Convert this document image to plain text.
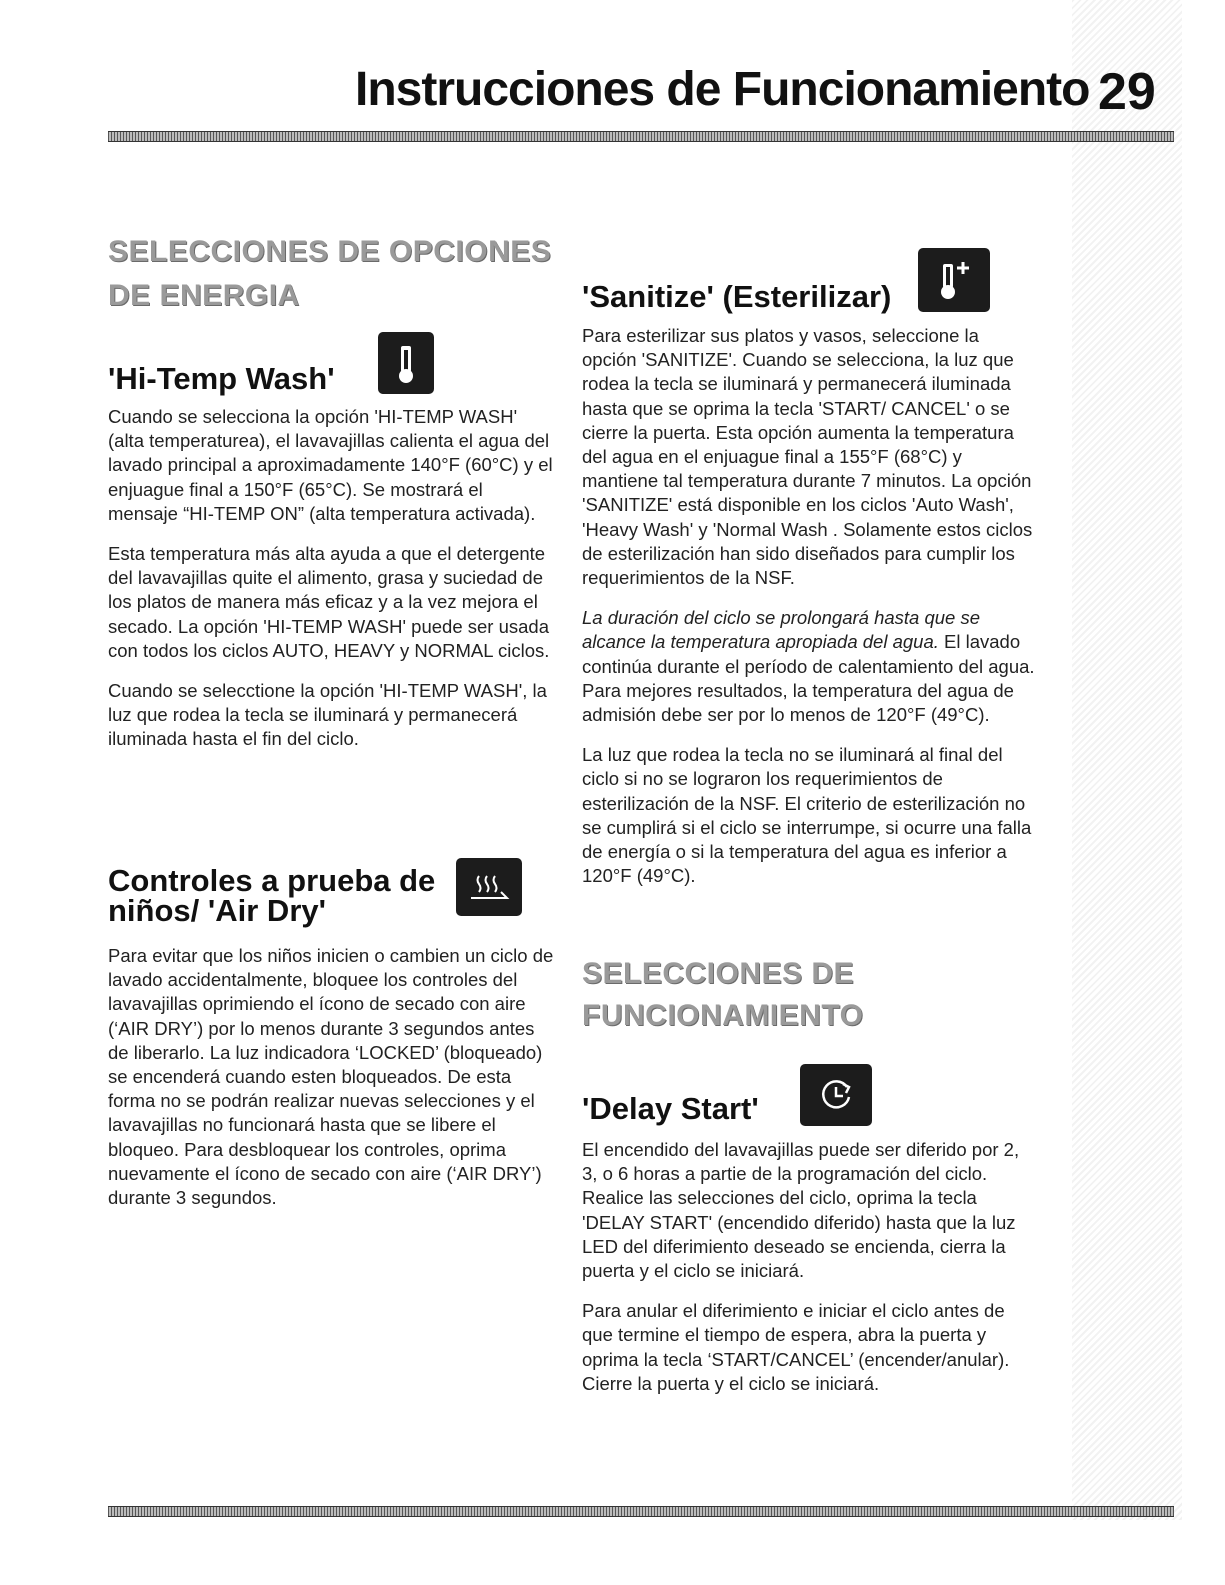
Instrucciones de Funcionamiento 29
SELECCIONES DE OPCIONES
DE ENERGIA
'Hi-Temp Wash'

Cuando se selecciona la opción 'HI-TEMP WASH' (alta temperaturea), el lavavajillas calienta el agua del lavado principal a aproximadamente 140°F (60°C) y el enjuague final a 150°F (65°C). Se mostrará el mensaje “HI-TEMP ON” (alta temperatura activada).

Esta temperatura más alta ayuda a que el detergente del lavavajillas quite el alimento, grasa y suciedad de los platos de manera más eficaz y a la vez mejora el secado. La opción 'HI-TEMP WASH' puede ser usada con todos los ciclos AUTO, HEAVY y NORMAL ciclos.

Cuando se selecctione la opción 'HI-TEMP WASH', la luz que rodea la tecla se iluminará y permanecerá iluminada hasta el fin del ciclo.

Controles a prueba de
niños/ 'Air Dry'

Para evitar que los niños inicien o cambien un ciclo de lavado accidentalmente, bloquee los controles del lavavajillas oprimiendo el ícono de secado con aire (‘AIR DRY’) por lo menos durante 3 segundos antes de liberarlo. La luz indicadora ‘LOCKED’ (bloqueado) se encenderá cuando esten bloqueados. De esta forma no se podrán realizar nuevas selecciones y el lavavajillas no funcionará hasta que se libere el bloqueo. Para desbloquear los controles, oprima nuevamente el ícono de secado con aire (‘AIR DRY’) durante 3 segundos.

'Sanitize' (Esterilizar)

Para esterilizar sus platos y vasos, seleccione la opción 'SANITIZE'. Cuando se selecciona, la luz que rodea la tecla se iluminará y permanecerá iluminada hasta que se oprima la tecla 'START/ CANCEL' o se cierre la puerta. Esta opción aumenta la temperatura del agua en el enjuague final a 155°F (68°C) y mantiene tal temperatura durante 7 minutos. La opción 'SANITIZE' está disponible en los ciclos 'Auto Wash', 'Heavy Wash' y 'Normal Wash . Solamente estos ciclos de esterilización han sido diseñados para cumplir los requerimientos de la NSF.

La duración del ciclo se prolongará hasta que se alcance la temperatura apropiada del agua. El lavado continúa durante el período de calentamiento del agua. Para mejores resultados, la temperatura del agua de admisión debe ser por lo menos de 120°F (49°C).

La luz que rodea la tecla no se iluminará al final del ciclo si no se lograron los requerimientos de esterilización de la NSF. El criterio de esterilización no se cumplirá si el ciclo se interrumpe, si ocurre una falla de energía o si la temperatura del agua es inferior a 120°F (49°C).

SELECCIONES DE
FUNCIONAMIENTO
'Delay Start'

El encendido del lavavajillas puede ser diferido por 2, 3, o 6 horas a partie de la programación del ciclo. Realice las selecciones del ciclo, oprima la tecla 'DELAY START' (encendido diferido) hasta que la luz LED del diferimiento deseado se encienda, cierra la puerta y el ciclo se iniciará.

Para anular el diferimiento e iniciar el ciclo antes de que termine el tiempo de espera, abra la puerta y oprima la tecla ‘START/CANCEL’ (encender/anular). Cierre la puerta y el ciclo se iniciará.
